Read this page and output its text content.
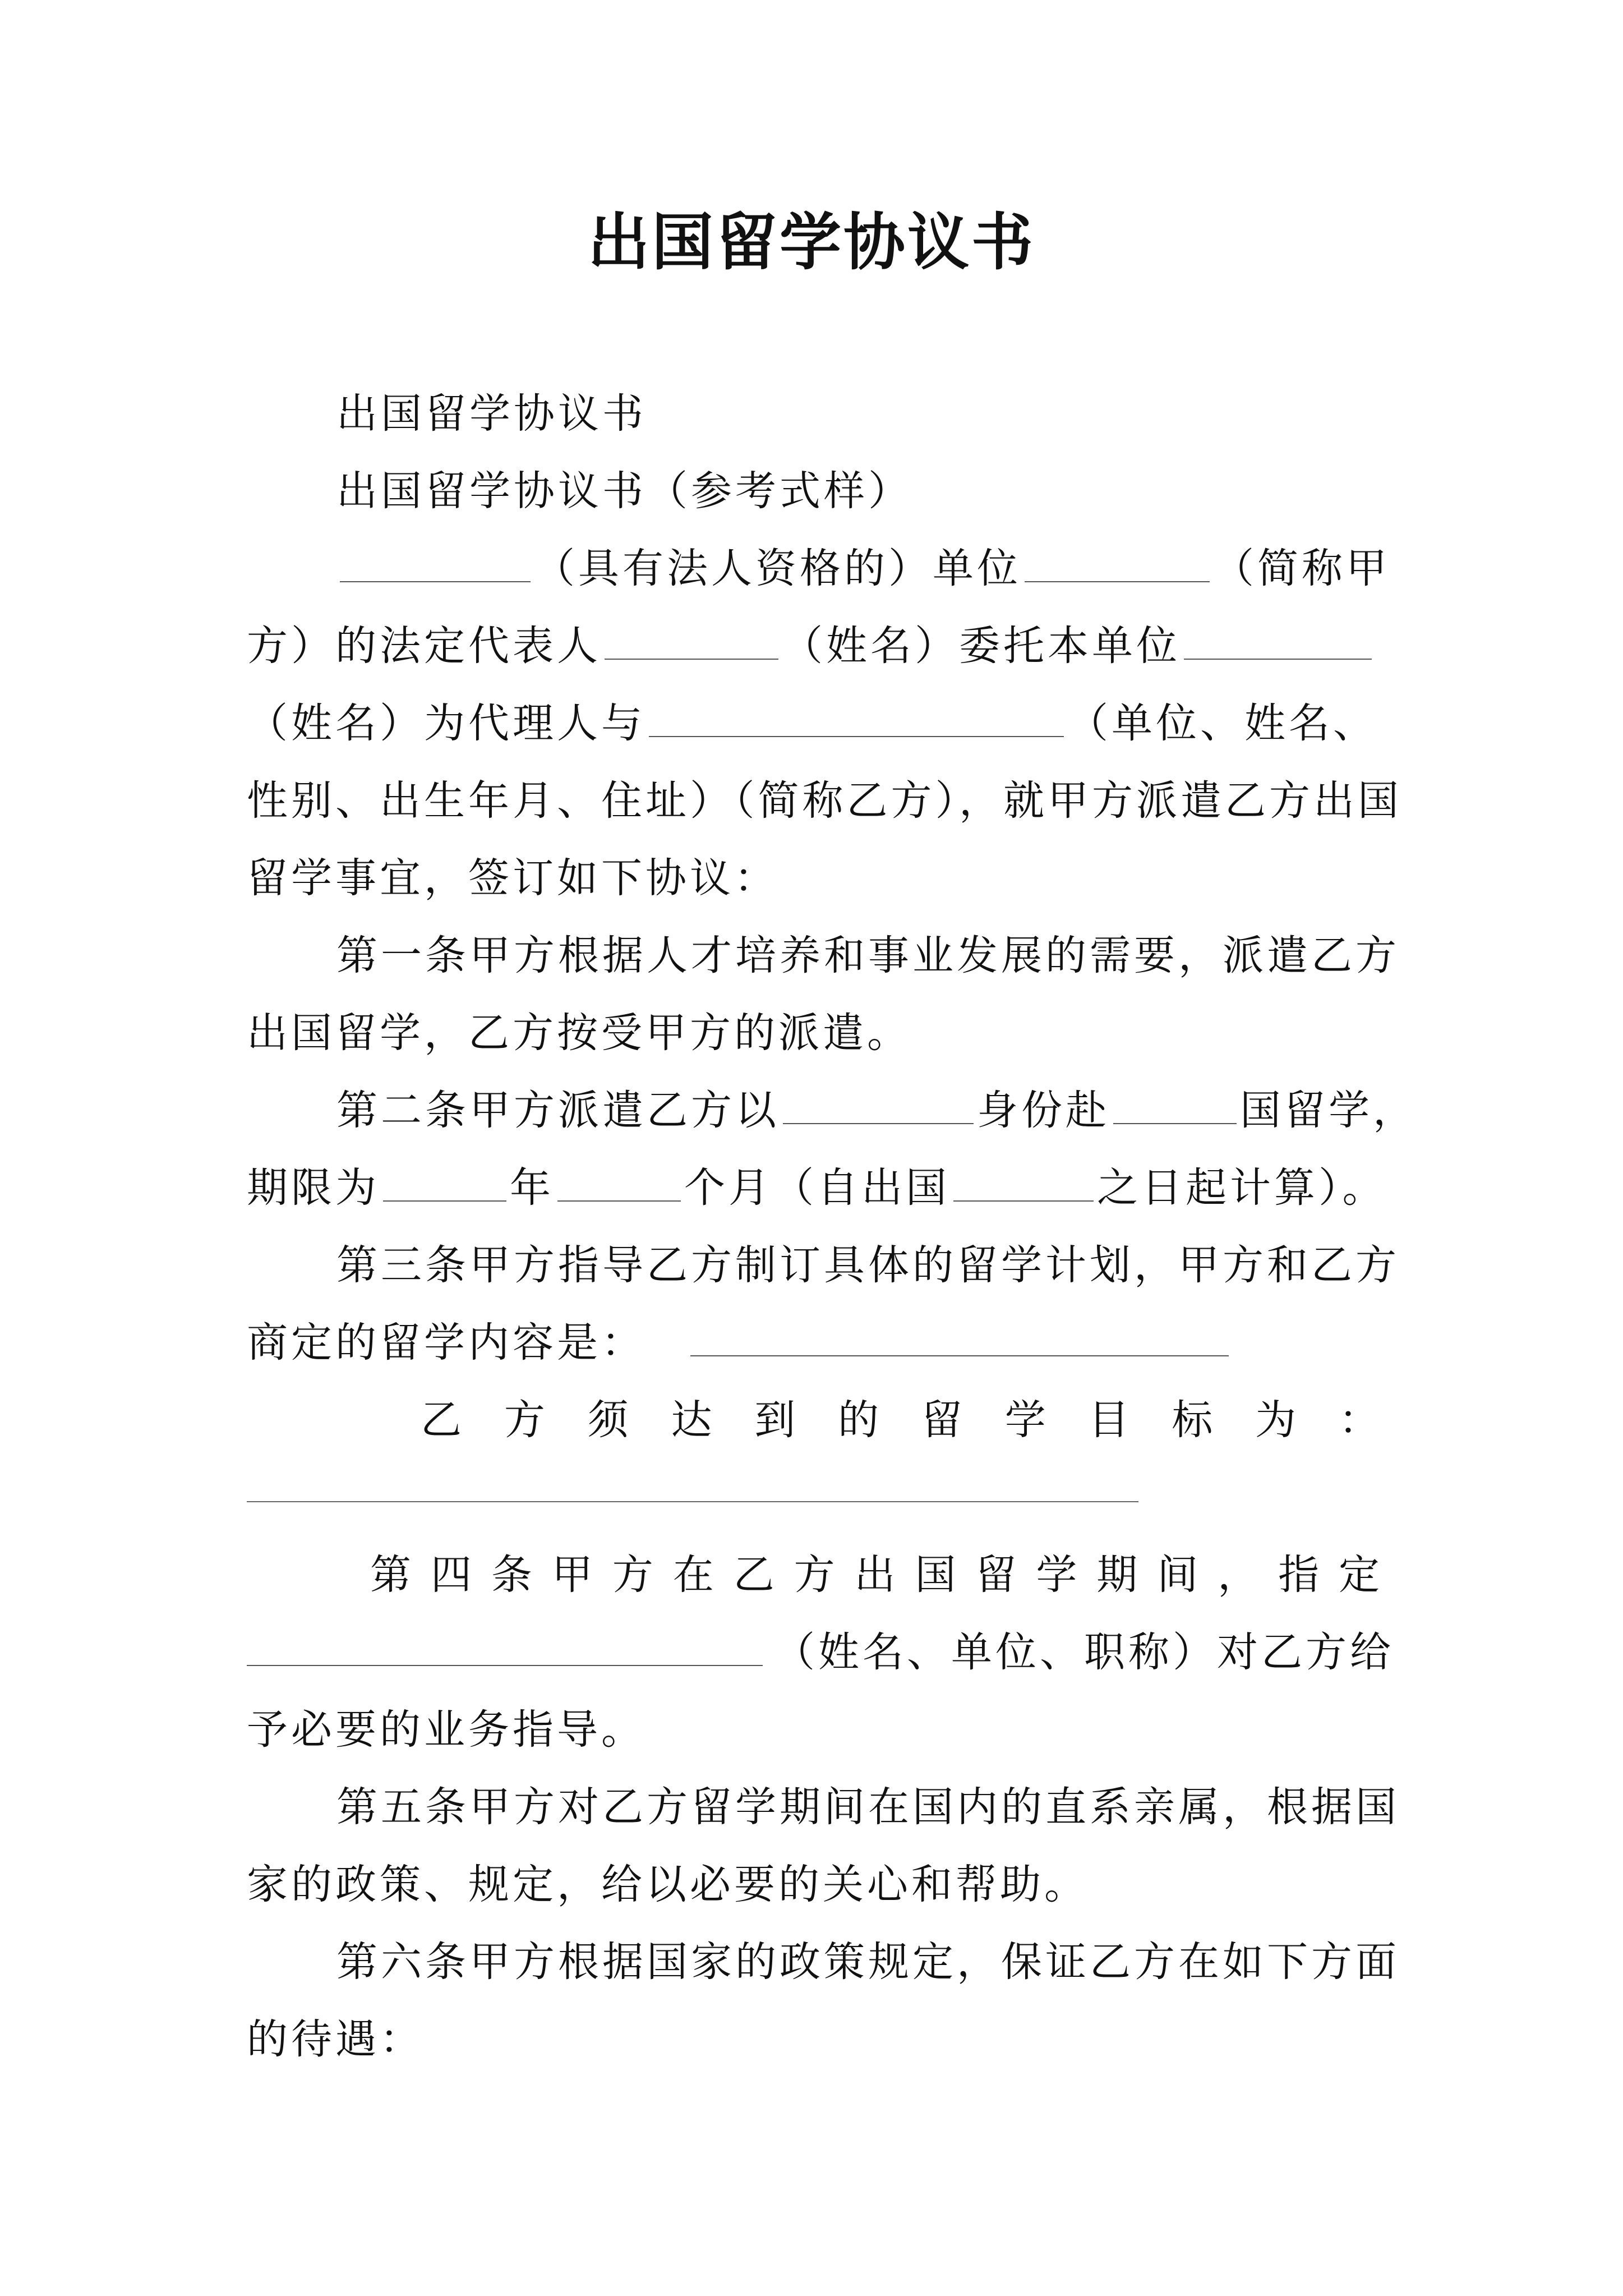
出国留学协议书
出国留学协议书
出国留学协议书（参考式样）
（具有法人资格的）单位	（简称甲
方）的法定代表人	（姓名）委托本单位
（姓名）为代理人与	（单位、姓名、
性别、出生年月、住址）（简称乙方），就甲方派遣乙方出国
留学事宜，签订如下协议：
第一条甲方根据人才培养和事业发展的需要，派遣乙方
出国留学，乙方按受甲方的派遣。
第二条甲方派遣乙方以	身份赴	国留学，
期限为	年	个月（自出国	之日起计算）。
第三条甲方指导乙方制订具体的留学计划，甲方和乙方
商定的留学内容是：
乙 方 须 达 到 的 留 学 目 标 为 ：
第 四 条 甲 方 在 乙 方 出 国 留 学 期 间 ， 指 定
（姓名、单位、职称）对乙方给
予必要的业务指导。
第五条甲方对乙方留学期间在国内的直系亲属，根据国
家的政策、规定，给以必要的关心和帮助。
第六条甲方根据国家的政策规定，保证乙方在如下方面
的待遇：
